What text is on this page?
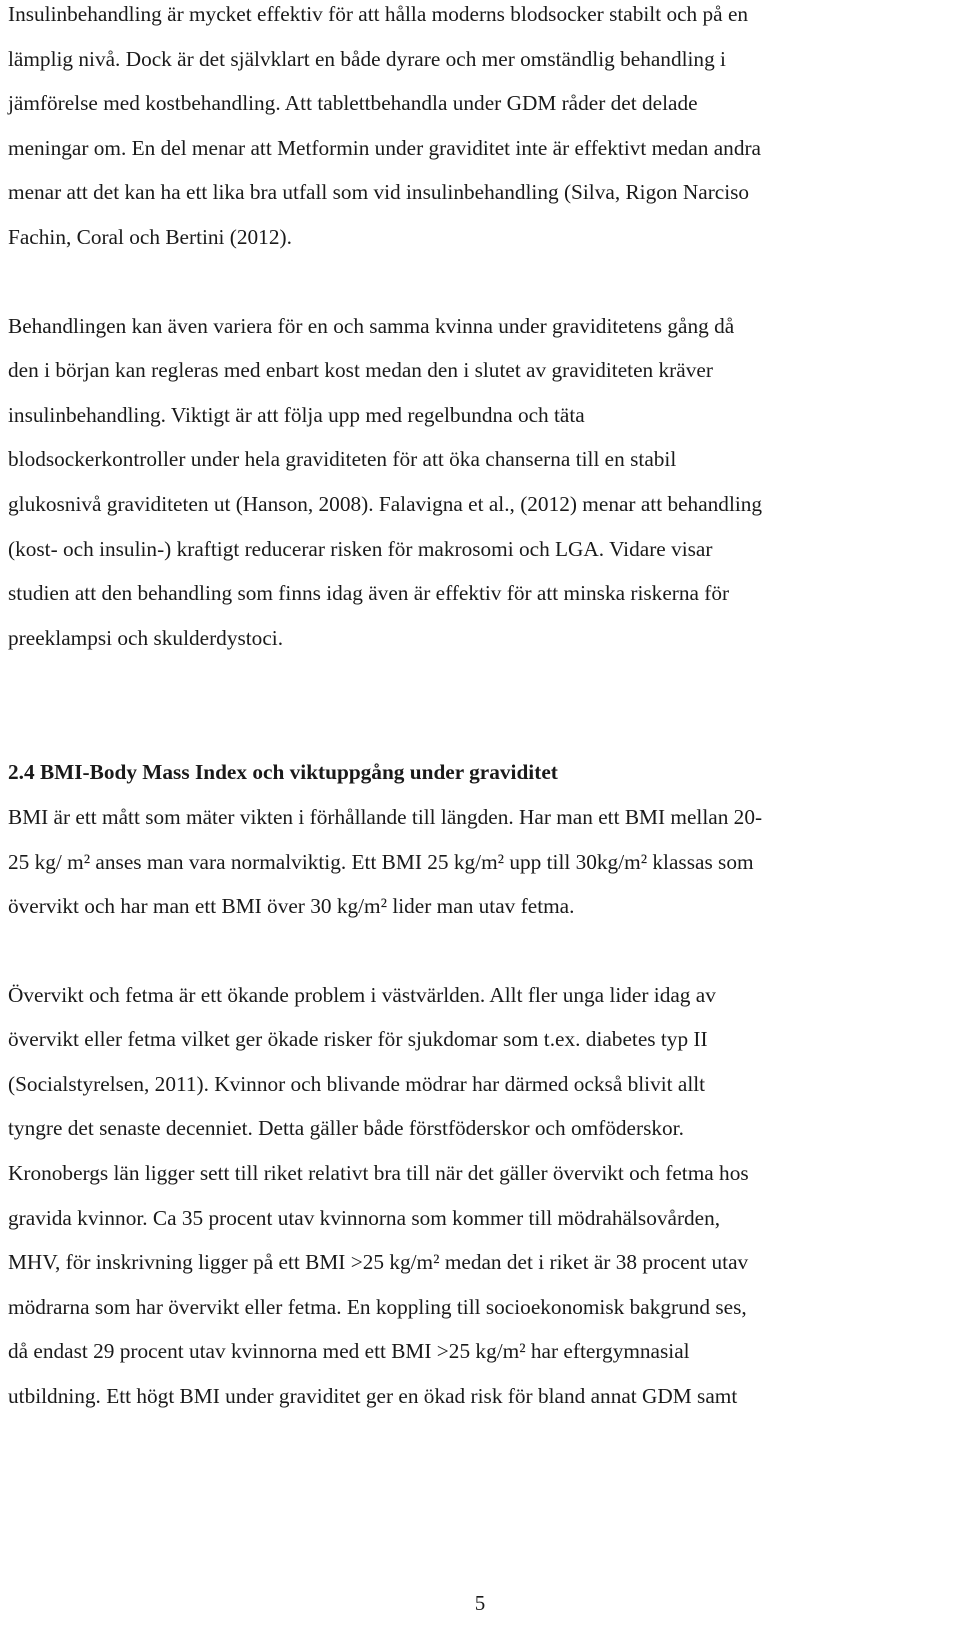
Insulinbehandling är mycket effektiv för att hålla moderns blodsocker stabilt och på en
lämplig nivå. Dock är det självklart en både dyrare och mer omständlig behandling i
jämförelse med kostbehandling. Att tablettbehandla under GDM råder det delade
meningar om. En del menar att Metformin under graviditet inte är effektivt medan andra
menar att det kan ha ett lika bra utfall som vid insulinbehandling (Silva, Rigon Narciso
Fachin, Coral och Bertini (2012).

Behandlingen kan även variera för en och samma kvinna under graviditetens gång då
den i början kan regleras med enbart kost medan den i slutet av graviditeten kräver
insulinbehandling. Viktigt är att följa upp med regelbundna och täta
blodsockerkontroller under hela graviditeten för att öka chanserna till en stabil
glukosnivå graviditeten ut (Hanson, 2008). Falavigna et al., (2012) menar att behandling
(kost- och insulin-) kraftigt reducerar risken för makrosomi och LGA. Vidare visar
studien att den behandling som finns idag även är effektiv för att minska riskerna för
preeklampsi och skulderdystoci.

2.4 BMI-Body Mass Index och viktuppgång under graviditet

BMI är ett mått som mäter vikten i förhållande till längden. Har man ett BMI mellan 20-
25 kg/ m² anses man vara normalviktig. Ett BMI 25 kg/m² upp till 30kg/m² klassas som
övervikt och har man ett BMI över 30 kg/m² lider man utav fetma.

Övervikt och fetma är ett ökande problem i västvärlden. Allt fler unga lider idag av
övervikt eller fetma vilket ger ökade risker för sjukdomar som t.ex. diabetes typ II
(Socialstyrelsen, 2011). Kvinnor och blivande mödrar har därmed också blivit allt
tyngre det senaste decenniet. Detta gäller både förstföderskor och omföderskor.
Kronobergs län ligger sett till riket relativt bra till när det gäller övervikt och fetma hos
gravida kvinnor. Ca 35 procent utav kvinnorna som kommer till mödrahälsovården,
MHV, för inskrivning ligger på ett BMI >25 kg/m² medan det i riket är 38 procent utav
mödrarna som har övervikt eller fetma. En koppling till socioekonomisk bakgrund ses,
då endast 29 procent utav kvinnorna med ett BMI >25 kg/m² har eftergymnasial
utbildning. Ett högt BMI under graviditet ger en ökad risk för bland annat GDM samt

5
